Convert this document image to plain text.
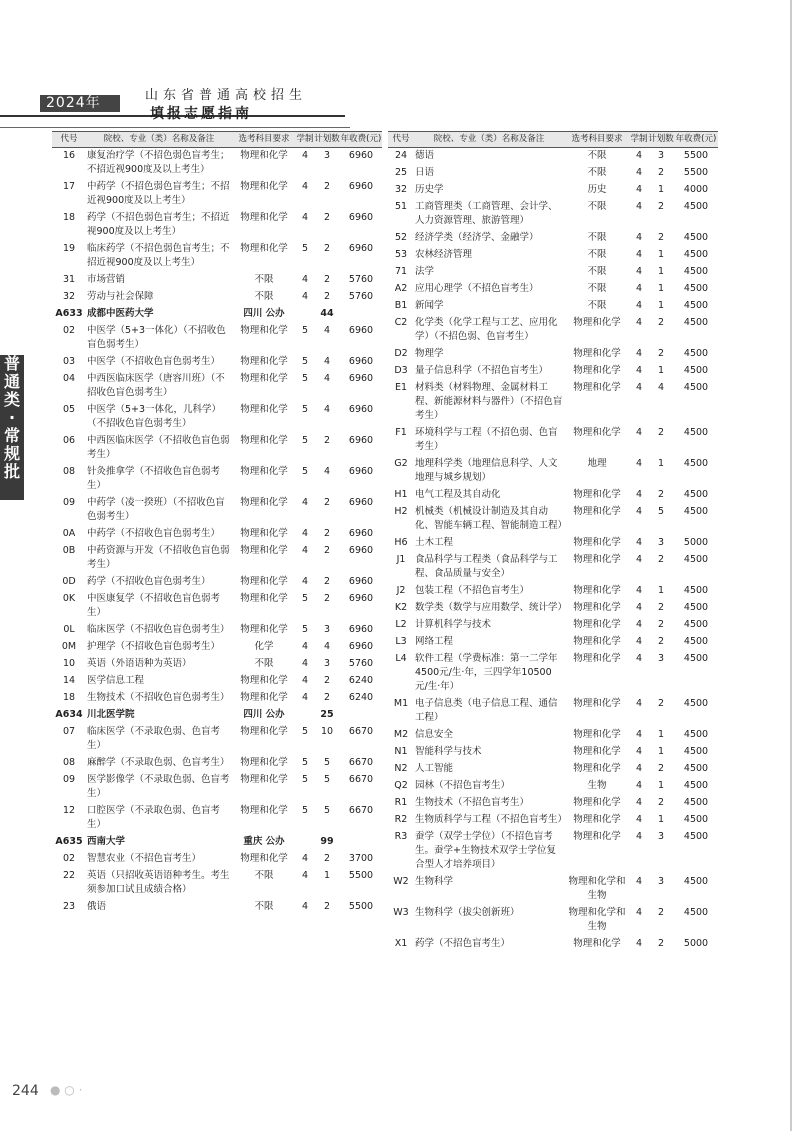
2024年	山东省普通高校招生
填报志愿指南
普
通
类
·
常
规
批
代号	院校、专业（类）名称及备注	选考科目要求	学制	计划数	年收费(元)
16	康复治疗学（不招色弱色盲考生；不招近视900度及以上考生）	物理和化学	4	3	6960
17	中药学（不招色弱色盲考生；不招近视900度及以上考生）	物理和化学	4	2	6960
18	药学（不招色弱色盲考生；不招近视900度及以上考生）	物理和化学	4	2	6960
19	临床药学（不招色弱色盲考生；不招近视900度及以上考生）	物理和化学	5	2	6960
31	市场营销	不限	4	2	5760
32	劳动与社会保障	不限	4	2	5760
A633	成都中医药大学	四川 公办		44	
02	中医学（5+3一体化）（不招收色盲色弱考生）	物理和化学	5	4	6960
03	中医学（不招收色盲色弱考生）	物理和化学	5	4	6960
04	中西医临床医学（唐容川班）（不招收色盲色弱考生）	物理和化学	5	4	6960
05	中医学（5+3一体化，儿科学）（不招收色盲色弱考生）	物理和化学	5	4	6960
06	中西医临床医学（不招收色盲色弱考生）	物理和化学	5	2	6960
08	针灸推拿学（不招收色盲色弱考生）	物理和化学	5	4	6960
09	中药学（凌一揆班）（不招收色盲色弱考生）	物理和化学	4	2	6960
0A	中药学（不招收色盲色弱考生）	物理和化学	4	2	6960
0B	中药资源与开发（不招收色盲色弱考生）	物理和化学	4	2	6960
0D	药学（不招收色盲色弱考生）	物理和化学	4	2	6960
0K	中医康复学（不招收色盲色弱考生）	物理和化学	5	2	6960
0L	临床医学（不招收色盲色弱考生）	物理和化学	5	3	6960
0M	护理学（不招收色盲色弱考生）	化学	4	4	6960
10	英语（外语语种为英语）	不限	4	3	5760
14	医学信息工程	物理和化学	4	2	6240
18	生物技术（不招收色盲色弱考生）	物理和化学	4	2	6240
A634	川北医学院	四川 公办		25	
07	临床医学（不录取色弱、色盲考生）	物理和化学	5	10	6670
08	麻醉学（不录取色弱、色盲考生）	物理和化学	5	5	6670
09	医学影像学（不录取色弱、色盲考生）	物理和化学	5	5	6670
12	口腔医学（不录取色弱、色盲考生）	物理和化学	5	5	6670
A635	西南大学	重庆 公办		99	
02	智慧农业（不招色盲考生）	物理和化学	4	2	3700
22	英语（只招收英语语种考生。考生须参加口试且成绩合格）	不限	4	1	5500
23	俄语	不限	4	2	5500
代号	院校、专业（类）名称及备注	选考科目要求	学制	计划数	年收费(元)
24	德语	不限	4	3	5500
25	日语	不限	4	2	5500
32	历史学	历史	4	1	4000
51	工商管理类（工商管理、会计学、人力资源管理、旅游管理）	不限	4	2	4500
52	经济学类（经济学、金融学）	不限	4	2	4500
53	农林经济管理	不限	4	1	4500
71	法学	不限	4	1	4500
A2	应用心理学（不招色盲考生）	不限	4	1	4500
B1	新闻学	不限	4	1	4500
C2	化学类（化学工程与工艺、应用化学）（不招色弱、色盲考生）	物理和化学	4	2	4500
D2	物理学	物理和化学	4	2	4500
D3	量子信息科学（不招色盲考生）	物理和化学	4	1	4500
E1	材料类（材料物理、金属材料工程、新能源材料与器件）（不招色盲考生）	物理和化学	4	4	4500
F1	环境科学与工程（不招色弱、色盲考生）	物理和化学	4	2	4500
G2	地理科学类（地理信息科学、人文地理与城乡规划）	地理	4	1	4500
H1	电气工程及其自动化	物理和化学	4	2	4500
H2	机械类（机械设计制造及其自动化、智能车辆工程、智能制造工程）	物理和化学	4	5	4500
H6	土木工程	物理和化学	4	3	5000
J1	食品科学与工程类（食品科学与工程、食品质量与安全）	物理和化学	4	2	4500
J2	包装工程（不招色盲考生）	物理和化学	4	1	4500
K2	数学类（数学与应用数学、统计学）	物理和化学	4	2	4500
L2	计算机科学与技术	物理和化学	4	2	4500
L3	网络工程	物理和化学	4	2	4500
L4	软件工程（学费标准：第一二学年4500元/生·年，三四学年10500元/生·年）	物理和化学	4	3	4500
M1	电子信息类（电子信息工程、通信工程）	物理和化学	4	2	4500
M2	信息安全	物理和化学	4	1	4500
N1	智能科学与技术	物理和化学	4	1	4500
N2	人工智能	物理和化学	4	2	4500
Q2	园林（不招色盲考生）	生物	4	1	4500
R1	生物技术（不招色盲考生）	物理和化学	4	2	4500
R2	生物质科学与工程（不招色盲考生）	物理和化学	4	1	4500
R3	蚕学（双学士学位）（不招色盲考生。蚕学+生物技术双学士学位复合型人才培养项目）	物理和化学	4	3	4500
W2	生物科学	物理和化学和生物	4	3	4500
W3	生物科学（拔尖创新班）	物理和化学和生物	4	2	4500
X1	药学（不招色盲考生）	物理和化学	4	2	5000
244 ● ○ ·
